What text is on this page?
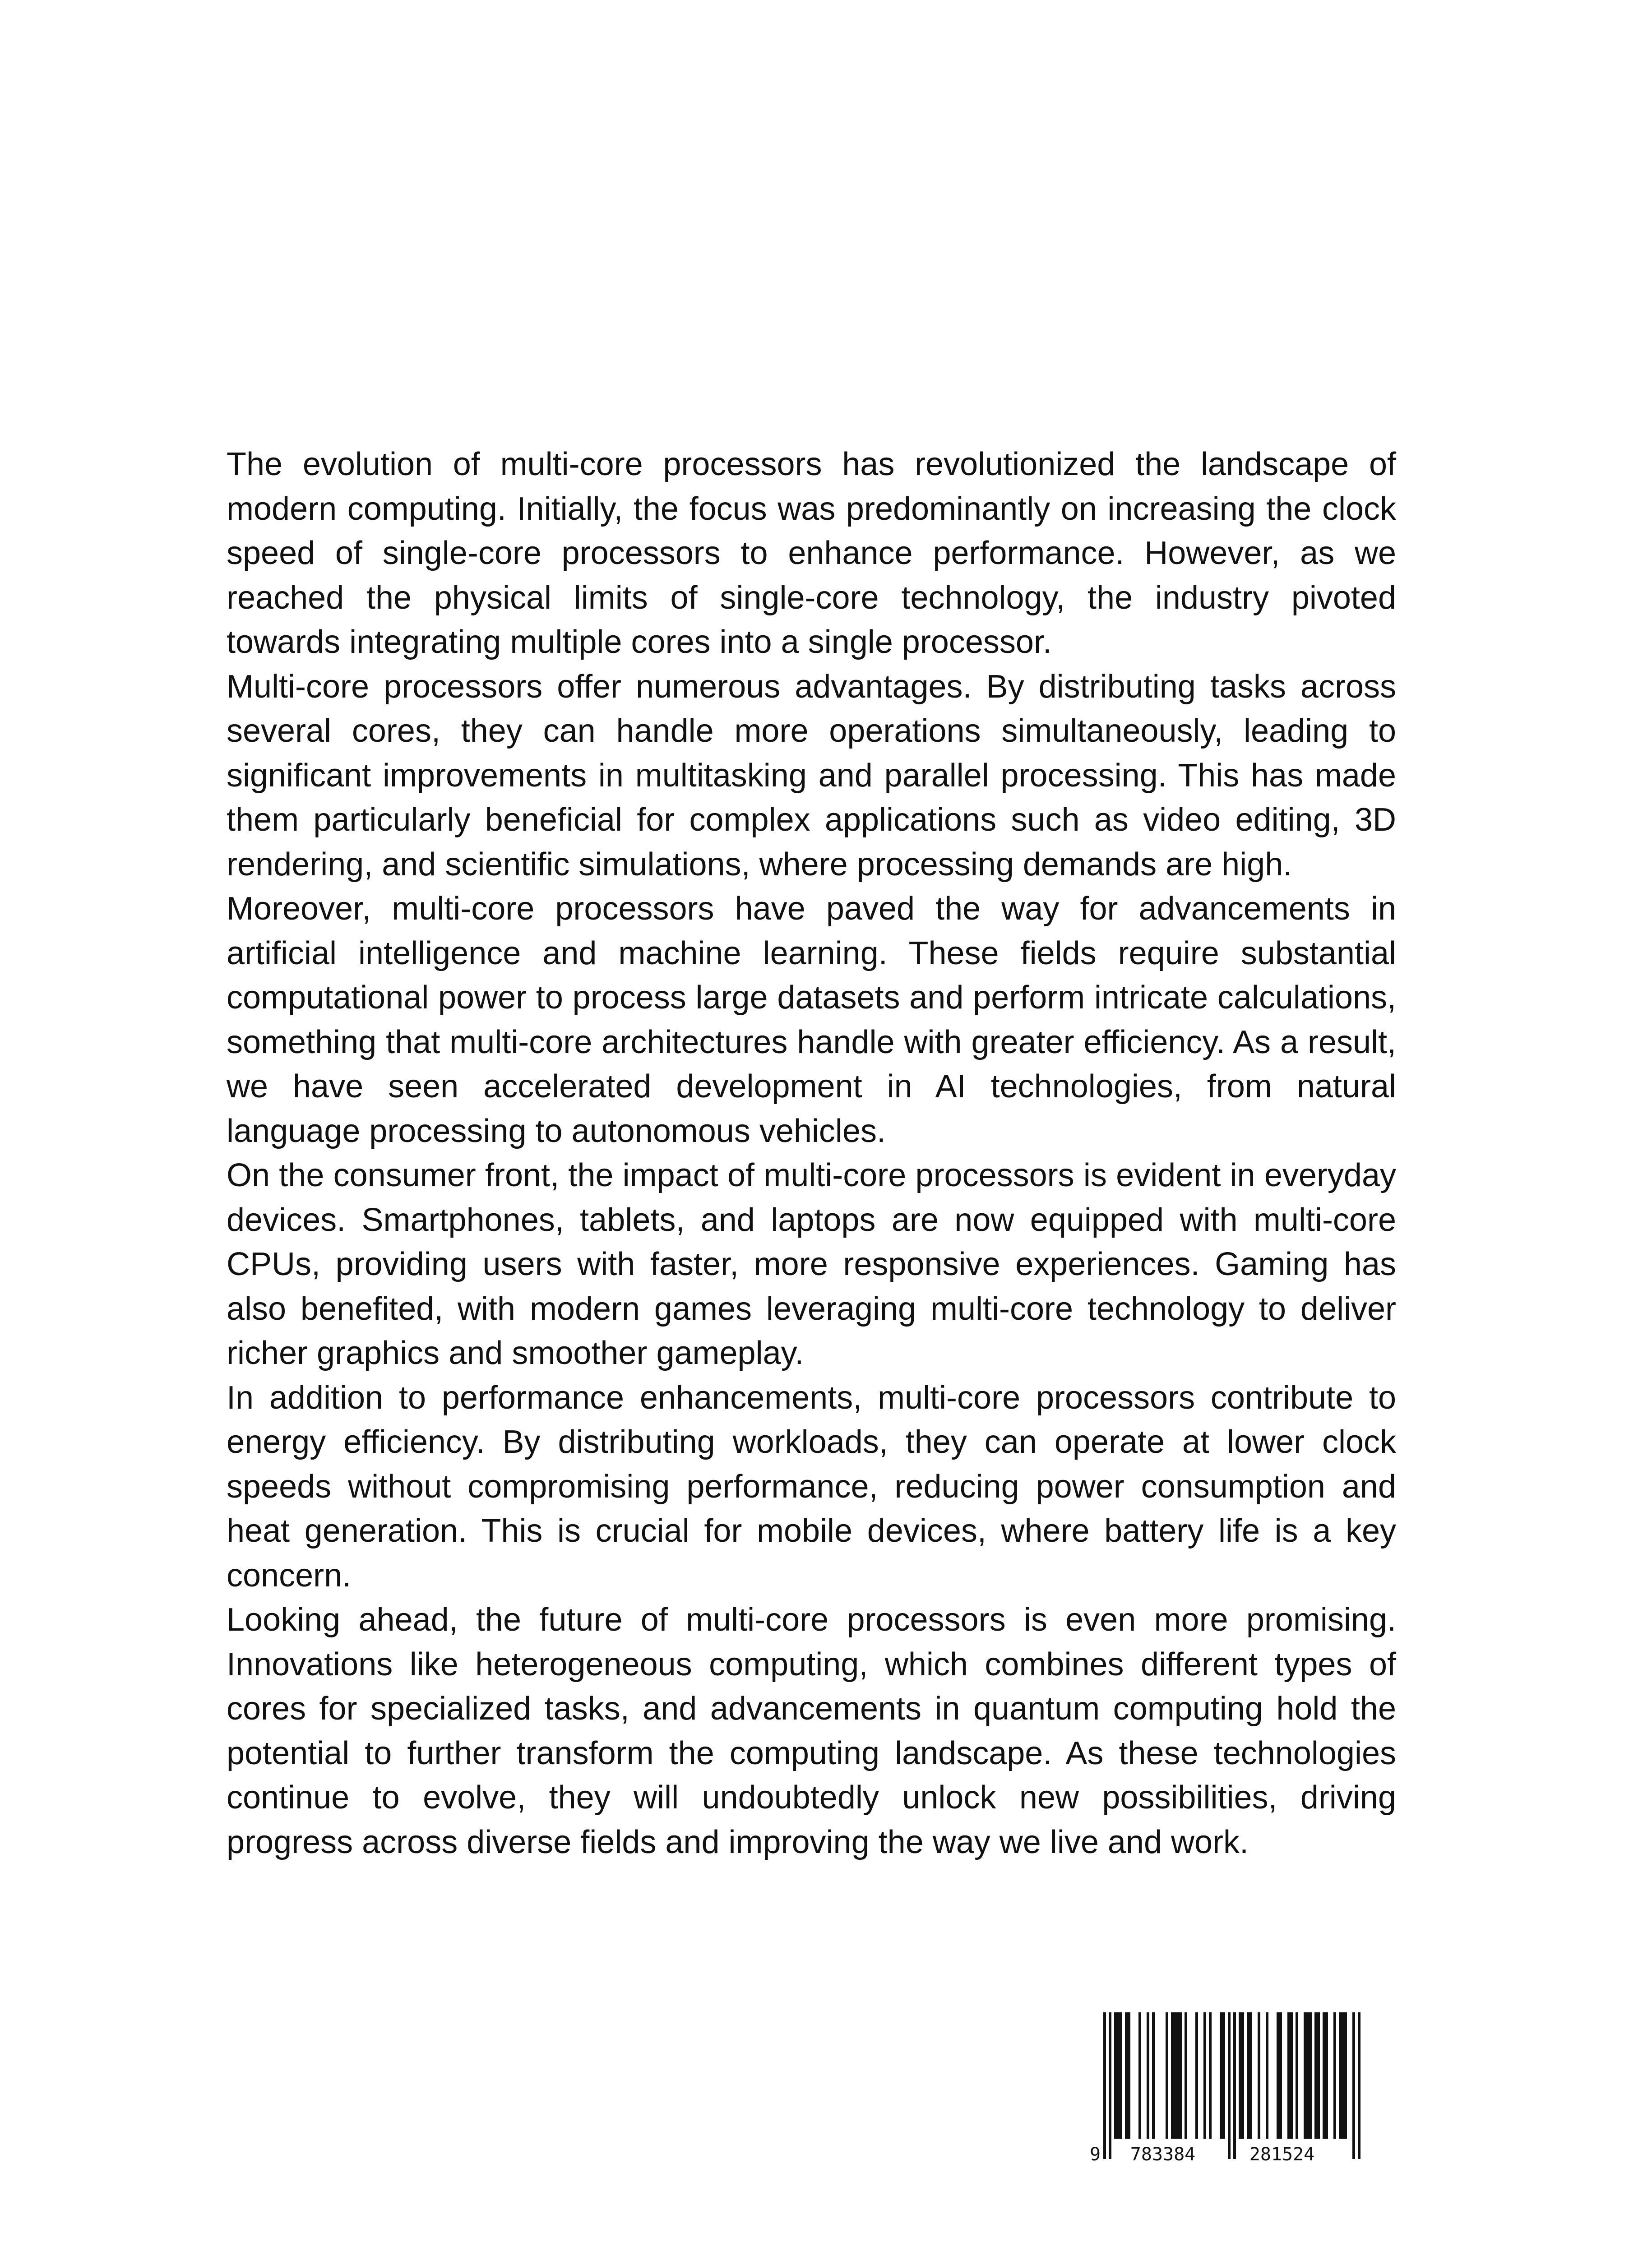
The evolution of multi-core processors has revolutionized the landscape of modern computing. Initially, the focus was predominantly on increasing the clock speed of single-core processors to enhance performance. However, as we reached the physical limits of single-core technology, the industry pivoted towards integrating multiple cores into a single processor.

Multi-core processors offer numerous advantages. By distributing tasks across several cores, they can handle more operations simultaneously, leading to significant improvements in multitasking and parallel processing. This has made them particularly beneficial for complex applications such as video editing, 3D rendering, and scientific simulations, where processing demands are high.

Moreover, multi-core processors have paved the way for advancements in artificial intelligence and machine learning. These fields require substantial computational power to process large datasets and perform intricate calculations, something that multi-core architectures handle with greater efficiency. As a result, we have seen accelerated development in AI technologies, from natural language processing to autonomous vehicles.

On the consumer front, the impact of multi-core processors is evident in everyday devices. Smartphones, tablets, and laptops are now equipped with multi-core CPUs, providing users with faster, more responsive experiences. Gaming has also benefited, with modern games leveraging multi-core technology to deliver richer graphics and smoother gameplay.

In addition to performance enhancements, multi-core processors contribute to energy efficiency. By distributing workloads, they can operate at lower clock speeds without compromising performance, reducing power consumption and heat generation. This is crucial for mobile devices, where battery life is a key concern.

Looking ahead, the future of multi-core processors is even more promising. Innovations like heterogeneous computing, which combines different types of cores for specialized tasks, and advancements in quantum computing hold the potential to further transform the computing landscape. As these technologies continue to evolve, they will undoubtedly unlock new possibilities, driving progress across diverse fields and improving the way we live and work.

9 783384	281524
